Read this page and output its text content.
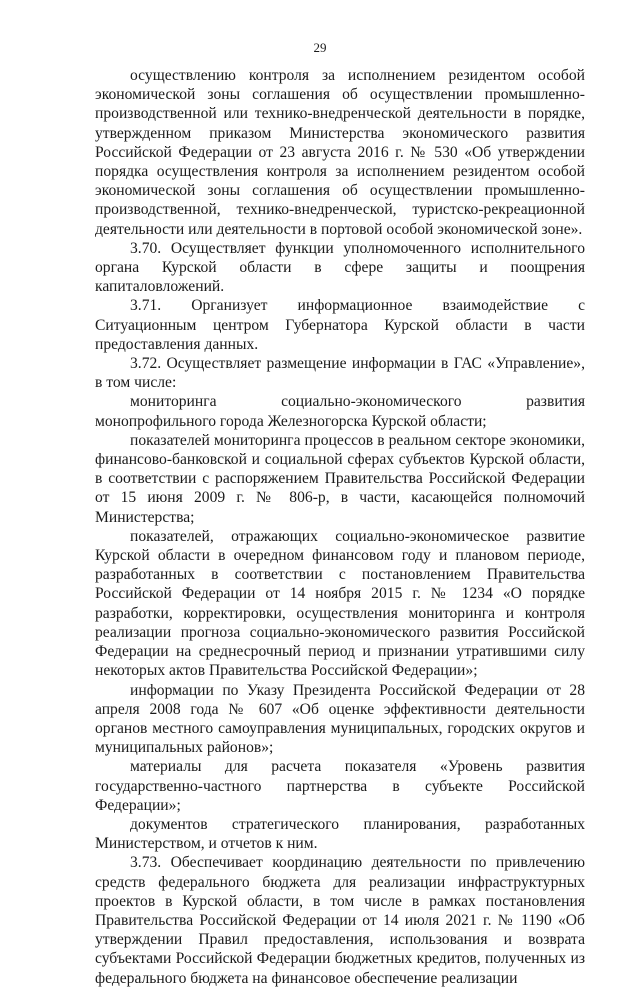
29

осуществлению контроля за исполнением резидентом особой экономической зоны соглашения об осуществлении промышленно-производственной или технико-внедренческой деятельности в порядке, утвержденном приказом Министерства экономического развития Российской Федерации от 23 августа 2016 г. № 530 «Об утверждении порядка осуществления контроля за исполнением резидентом особой экономической зоны соглашения об осуществлении промышленно-производственной, технико-внедренческой, туристско-рекреационной деятельности или деятельности в портовой особой экономической зоне».

3.70. Осуществляет функции уполномоченного исполнительного органа Курской области в сфере защиты и поощрения капиталовложений.

3.71. Организует информационное взаимодействие с Ситуационным центром Губернатора Курской области в части предоставления данных.

3.72. Осуществляет размещение информации в ГАС «Управление», в том числе:

мониторинга социально-экономического развития монопрофильного города Железногорска Курской области;

показателей мониторинга процессов в реальном секторе экономики, финансово-банковской и социальной сферах субъектов Курской области, в соответствии с распоряжением Правительства Российской Федерации от 15 июня 2009 г. № 806-р, в части, касающейся полномочий Министерства;

показателей, отражающих социально-экономическое развитие Курской области в очередном финансовом году и плановом периоде, разработанных в соответствии с постановлением Правительства Российской Федерации от 14 ноября 2015 г. № 1234 «О порядке разработки, корректировки, осуществления мониторинга и контроля реализации прогноза социально-экономического развития Российской Федерации на среднесрочный период и признании утратившими силу некоторых актов Правительства Российской Федерации»;

информации по Указу Президента Российской Федерации от 28 апреля 2008 года № 607 «Об оценке эффективности деятельности органов местного самоуправления муниципальных, городских округов и муниципальных районов»;

материалы для расчета показателя «Уровень развития государственно-частного партнерства в субъекте Российской Федерации»;

документов стратегического планирования, разработанных Министерством, и отчетов к ним.

3.73. Обеспечивает координацию деятельности по привлечению средств федерального бюджета для реализации инфраструктурных проектов в Курской области, в том числе в рамках постановления Правительства Российской Федерации от 14 июля 2021 г. № 1190 «Об утверждении Правил предоставления, использования и возврата субъектами Российской Федерации бюджетных кредитов, полученных из федерального бюджета на финансовое обеспечение реализации
